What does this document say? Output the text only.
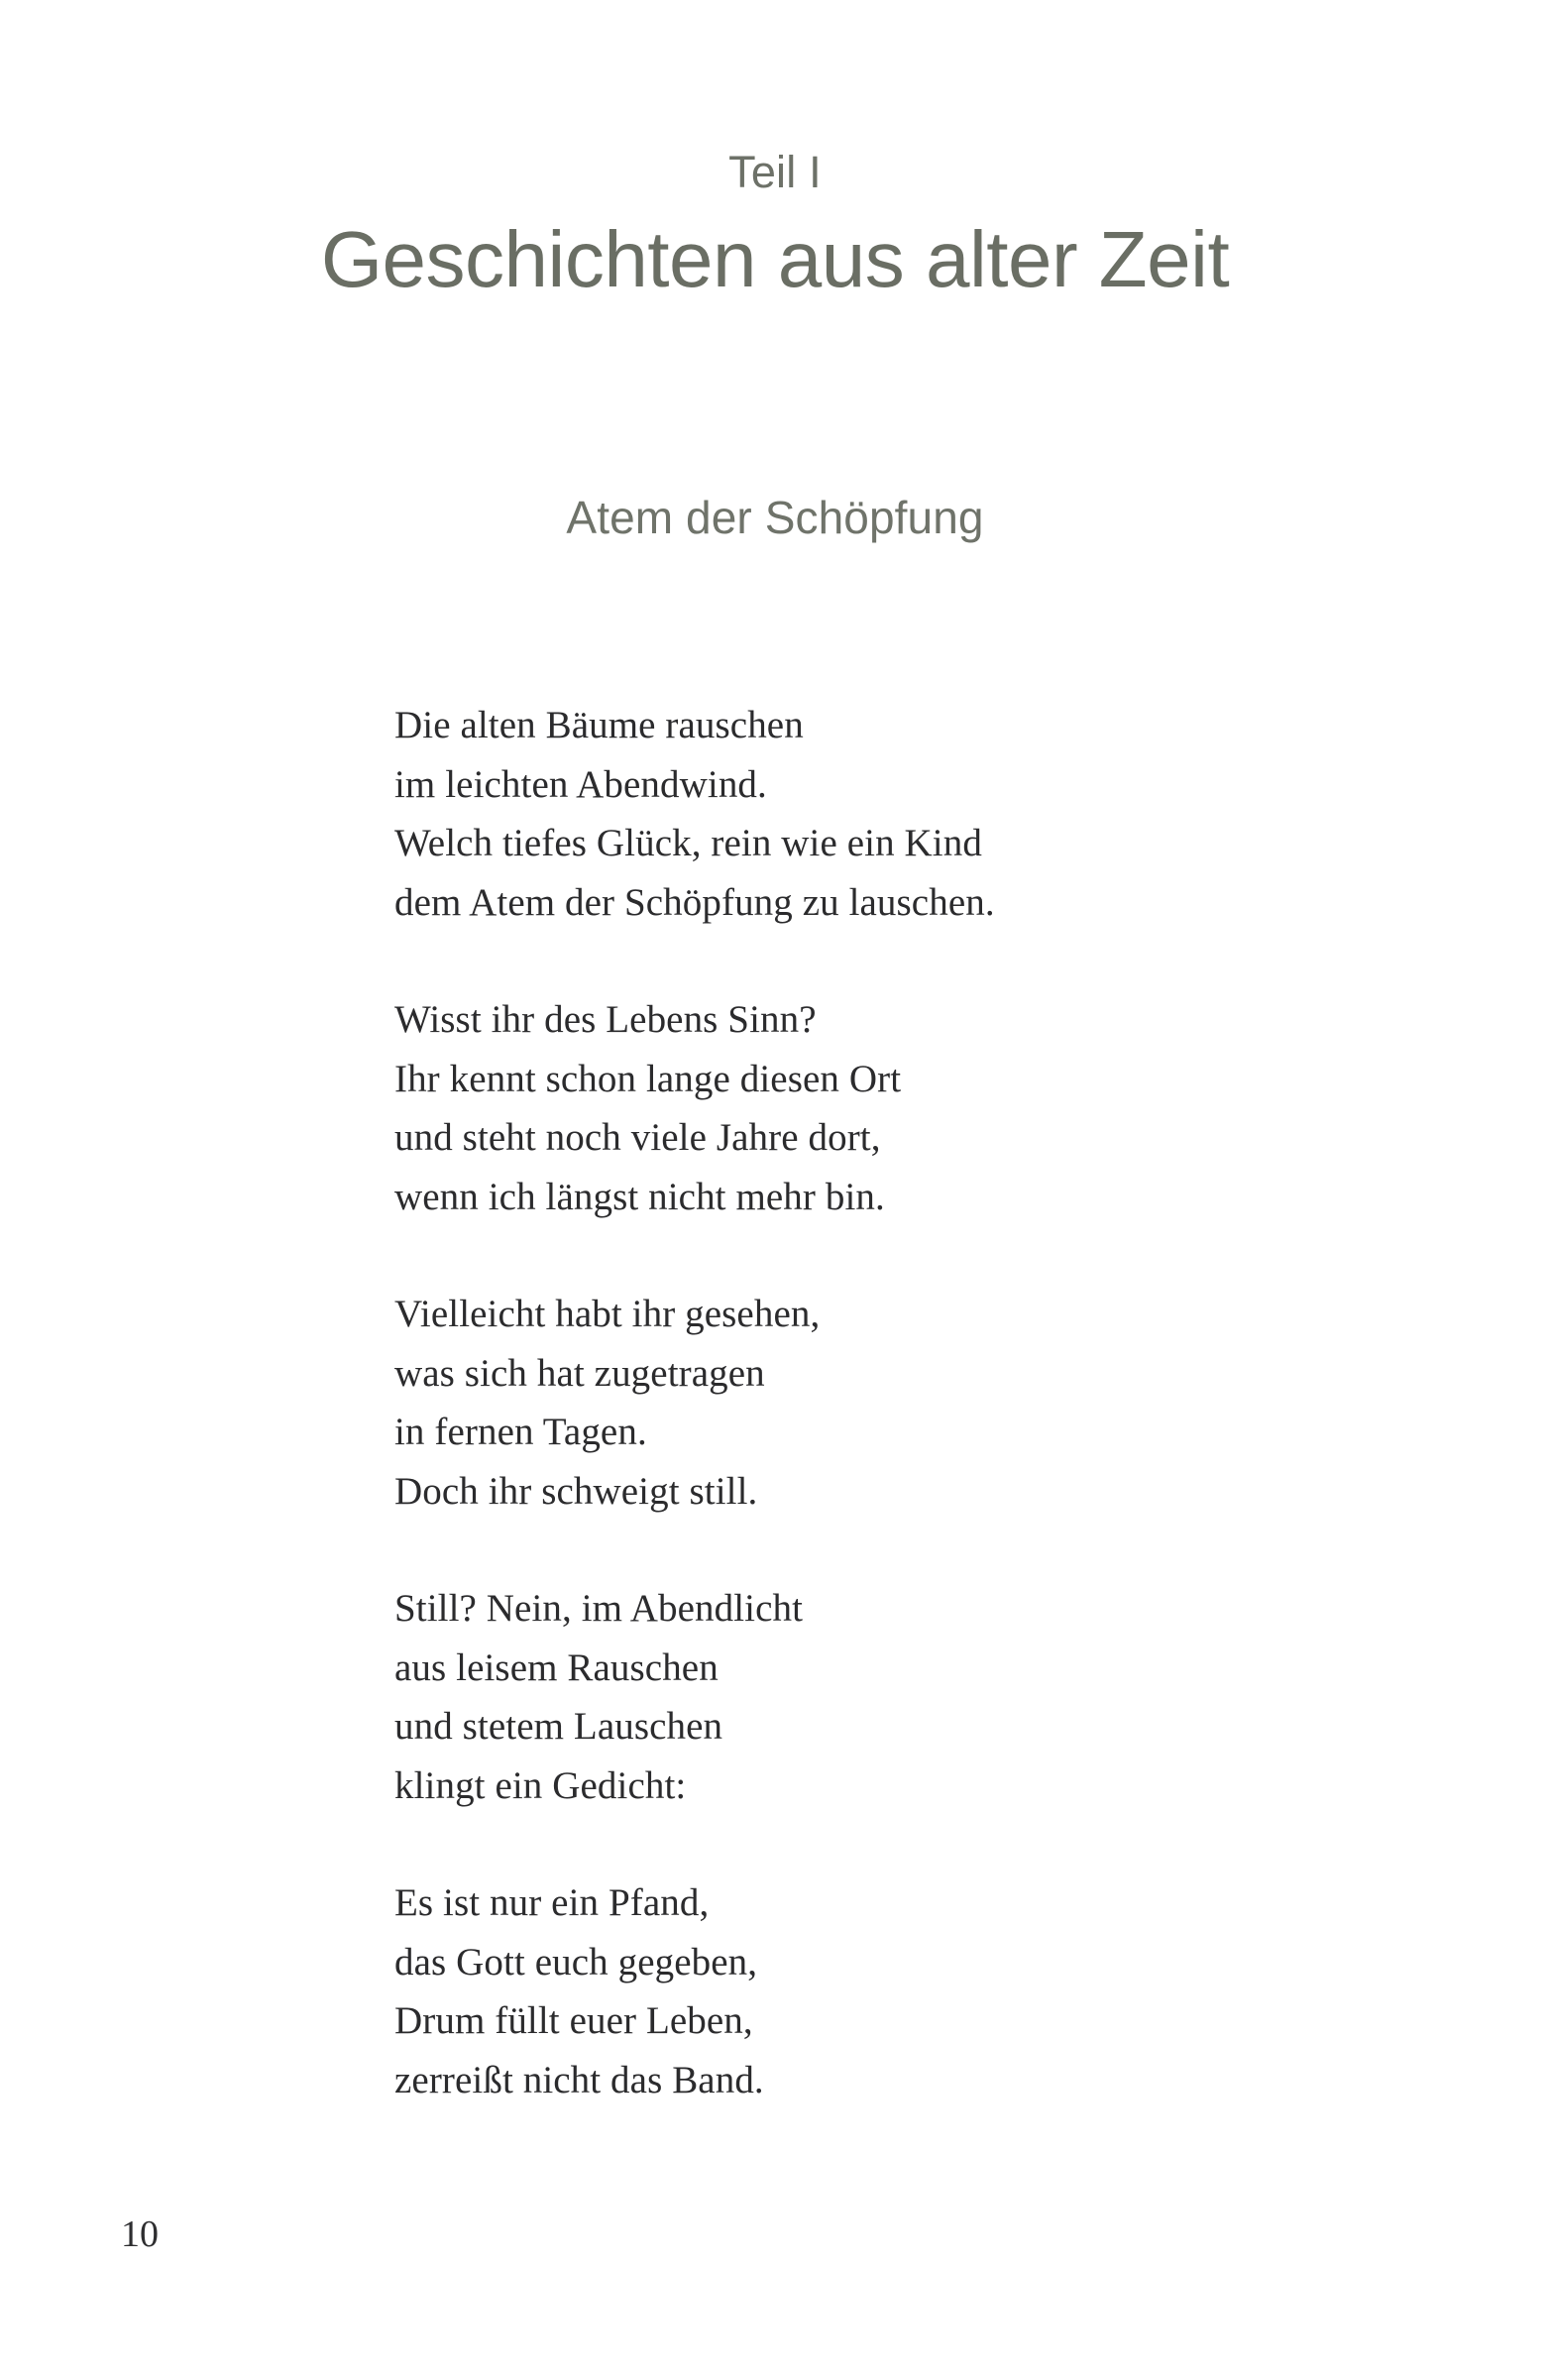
Teil I
Geschichten aus alter Zeit
Atem der Schöpfung
Die alten Bäume rauschen
im leichten Abendwind.
Welch tiefes Glück, rein wie ein Kind
dem Atem der Schöpfung zu lauschen.
Wisst ihr des Lebens Sinn?
Ihr kennt schon lange diesen Ort
und steht noch viele Jahre dort,
wenn ich längst nicht mehr bin.
Vielleicht habt ihr gesehen,
was sich hat zugetragen
in fernen Tagen.
Doch ihr schweigt still.
Still? Nein, im Abendlicht
aus leisem Rauschen
und stetem Lauschen
klingt ein Gedicht:
Es ist nur ein Pfand,
das Gott euch gegeben,
Drum füllt euer Leben,
zerreißt nicht das Band.
10
